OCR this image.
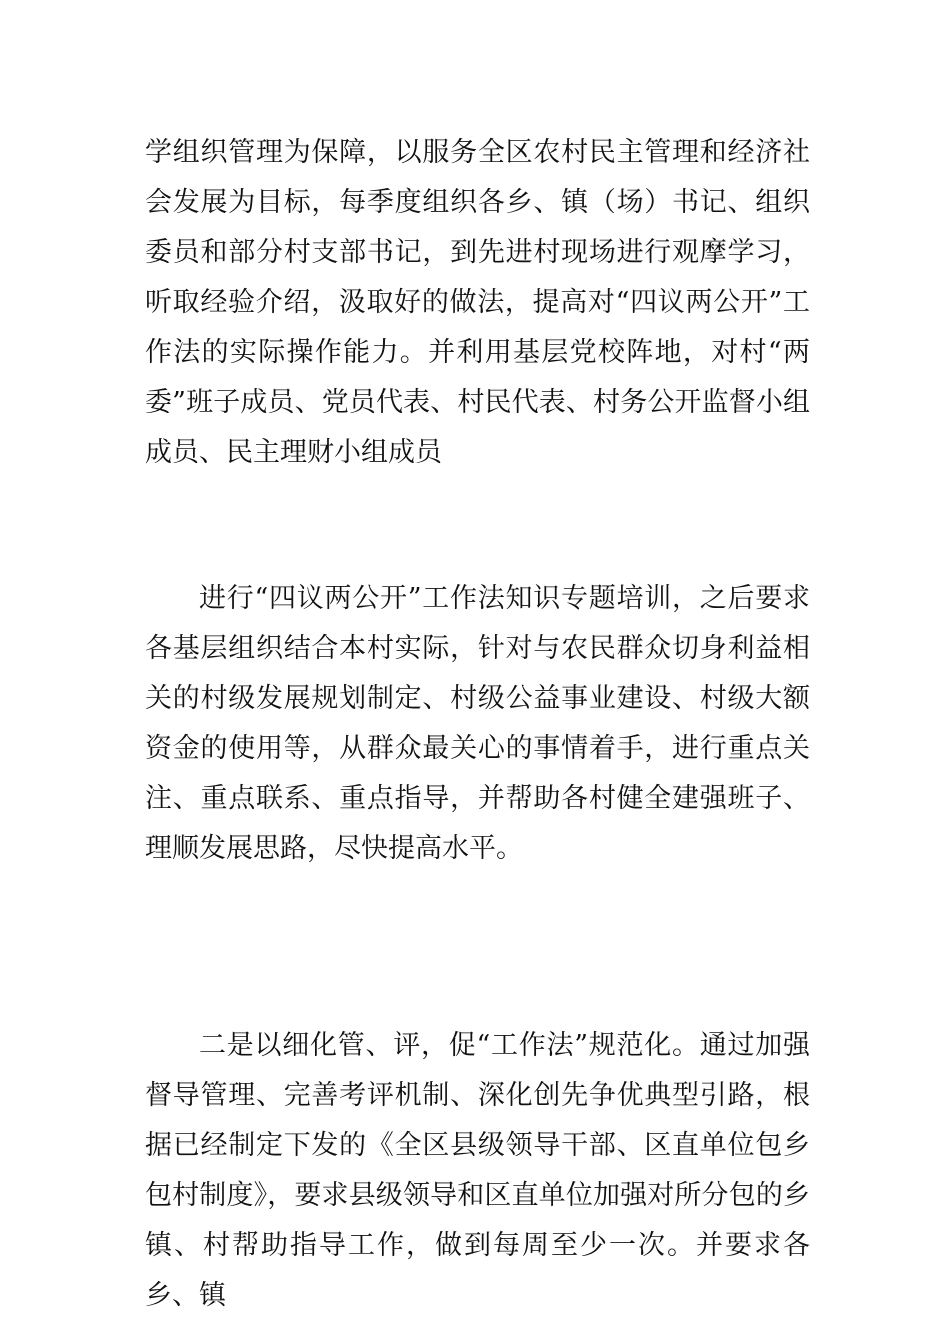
学组织管理为保障，以服务全区农村民主管理和经济社会发展为目标，每季度组织各乡、镇（场）书记、组织委员和部分村支部书记，到先进村现场进行观摩学习，听取经验介绍，汲取好的做法，提高对“四议两公开”工作法的实际操作能力。并利用基层党校阵地，对村“两委”班子成员、党员代表、村民代表、村务公开监督小组成员、民主理财小组成员

进行“四议两公开”工作法知识专题培训，之后要求各基层组织结合本村实际，针对与农民群众切身利益相关的村级发展规划制定、村级公益事业建设、村级大额资金的使用等，从群众最关心的事情着手，进行重点关注、重点联系、重点指导，并帮助各村健全建强班子、理顺发展思路，尽快提高水平。

二是以细化管、评，促“工作法”规范化。通过加强督导管理、完善考评机制、深化创先争优典型引路，根据已经制定下发的《全区县级领导干部、区直单位包乡包村制度》，要求县级领导和区直单位加强对所分包的乡镇、村帮助指导工作，做到每周至少一次。并要求各乡、镇
